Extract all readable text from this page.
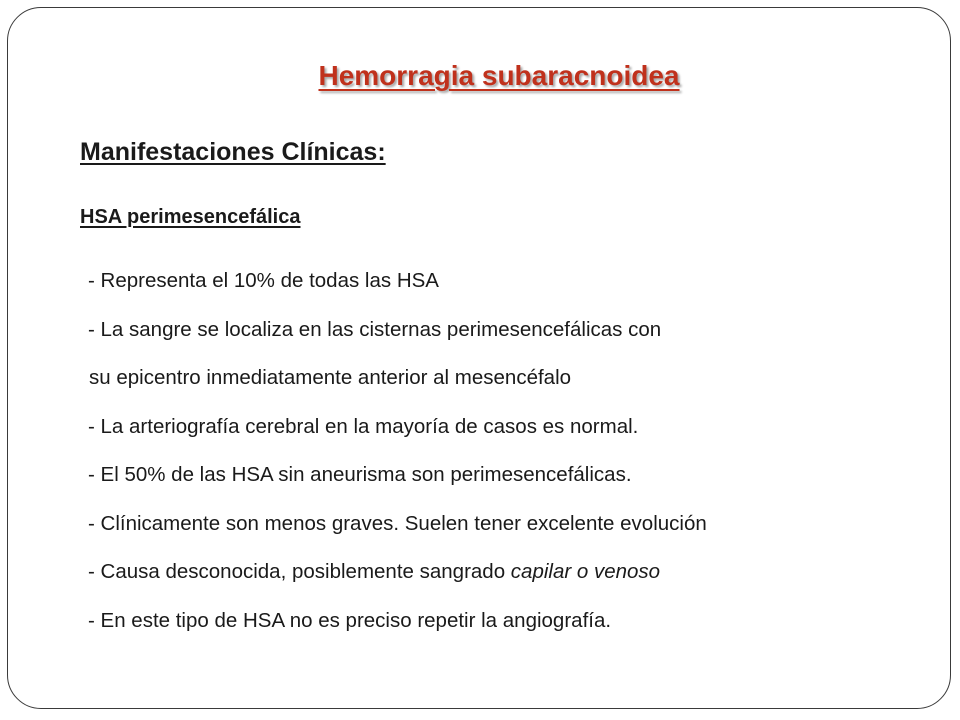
Hemorragia subaracnoidea
Manifestaciones Clínicas:
HSA perimesencefálica
- Representa el 10% de todas las HSA
- La sangre se localiza en las cisternas perimesencefálicas con
su epicentro inmediatamente anterior al mesencéfalo
- La arteriografía cerebral en la mayoría de casos es normal.
- El 50% de las HSA sin aneurisma son perimesencefálicas.
- Clínicamente son menos graves. Suelen tener excelente evolución
- Causa desconocida, posiblemente sangrado capilar o venoso
- En este tipo de HSA no es preciso repetir la angiografía.
